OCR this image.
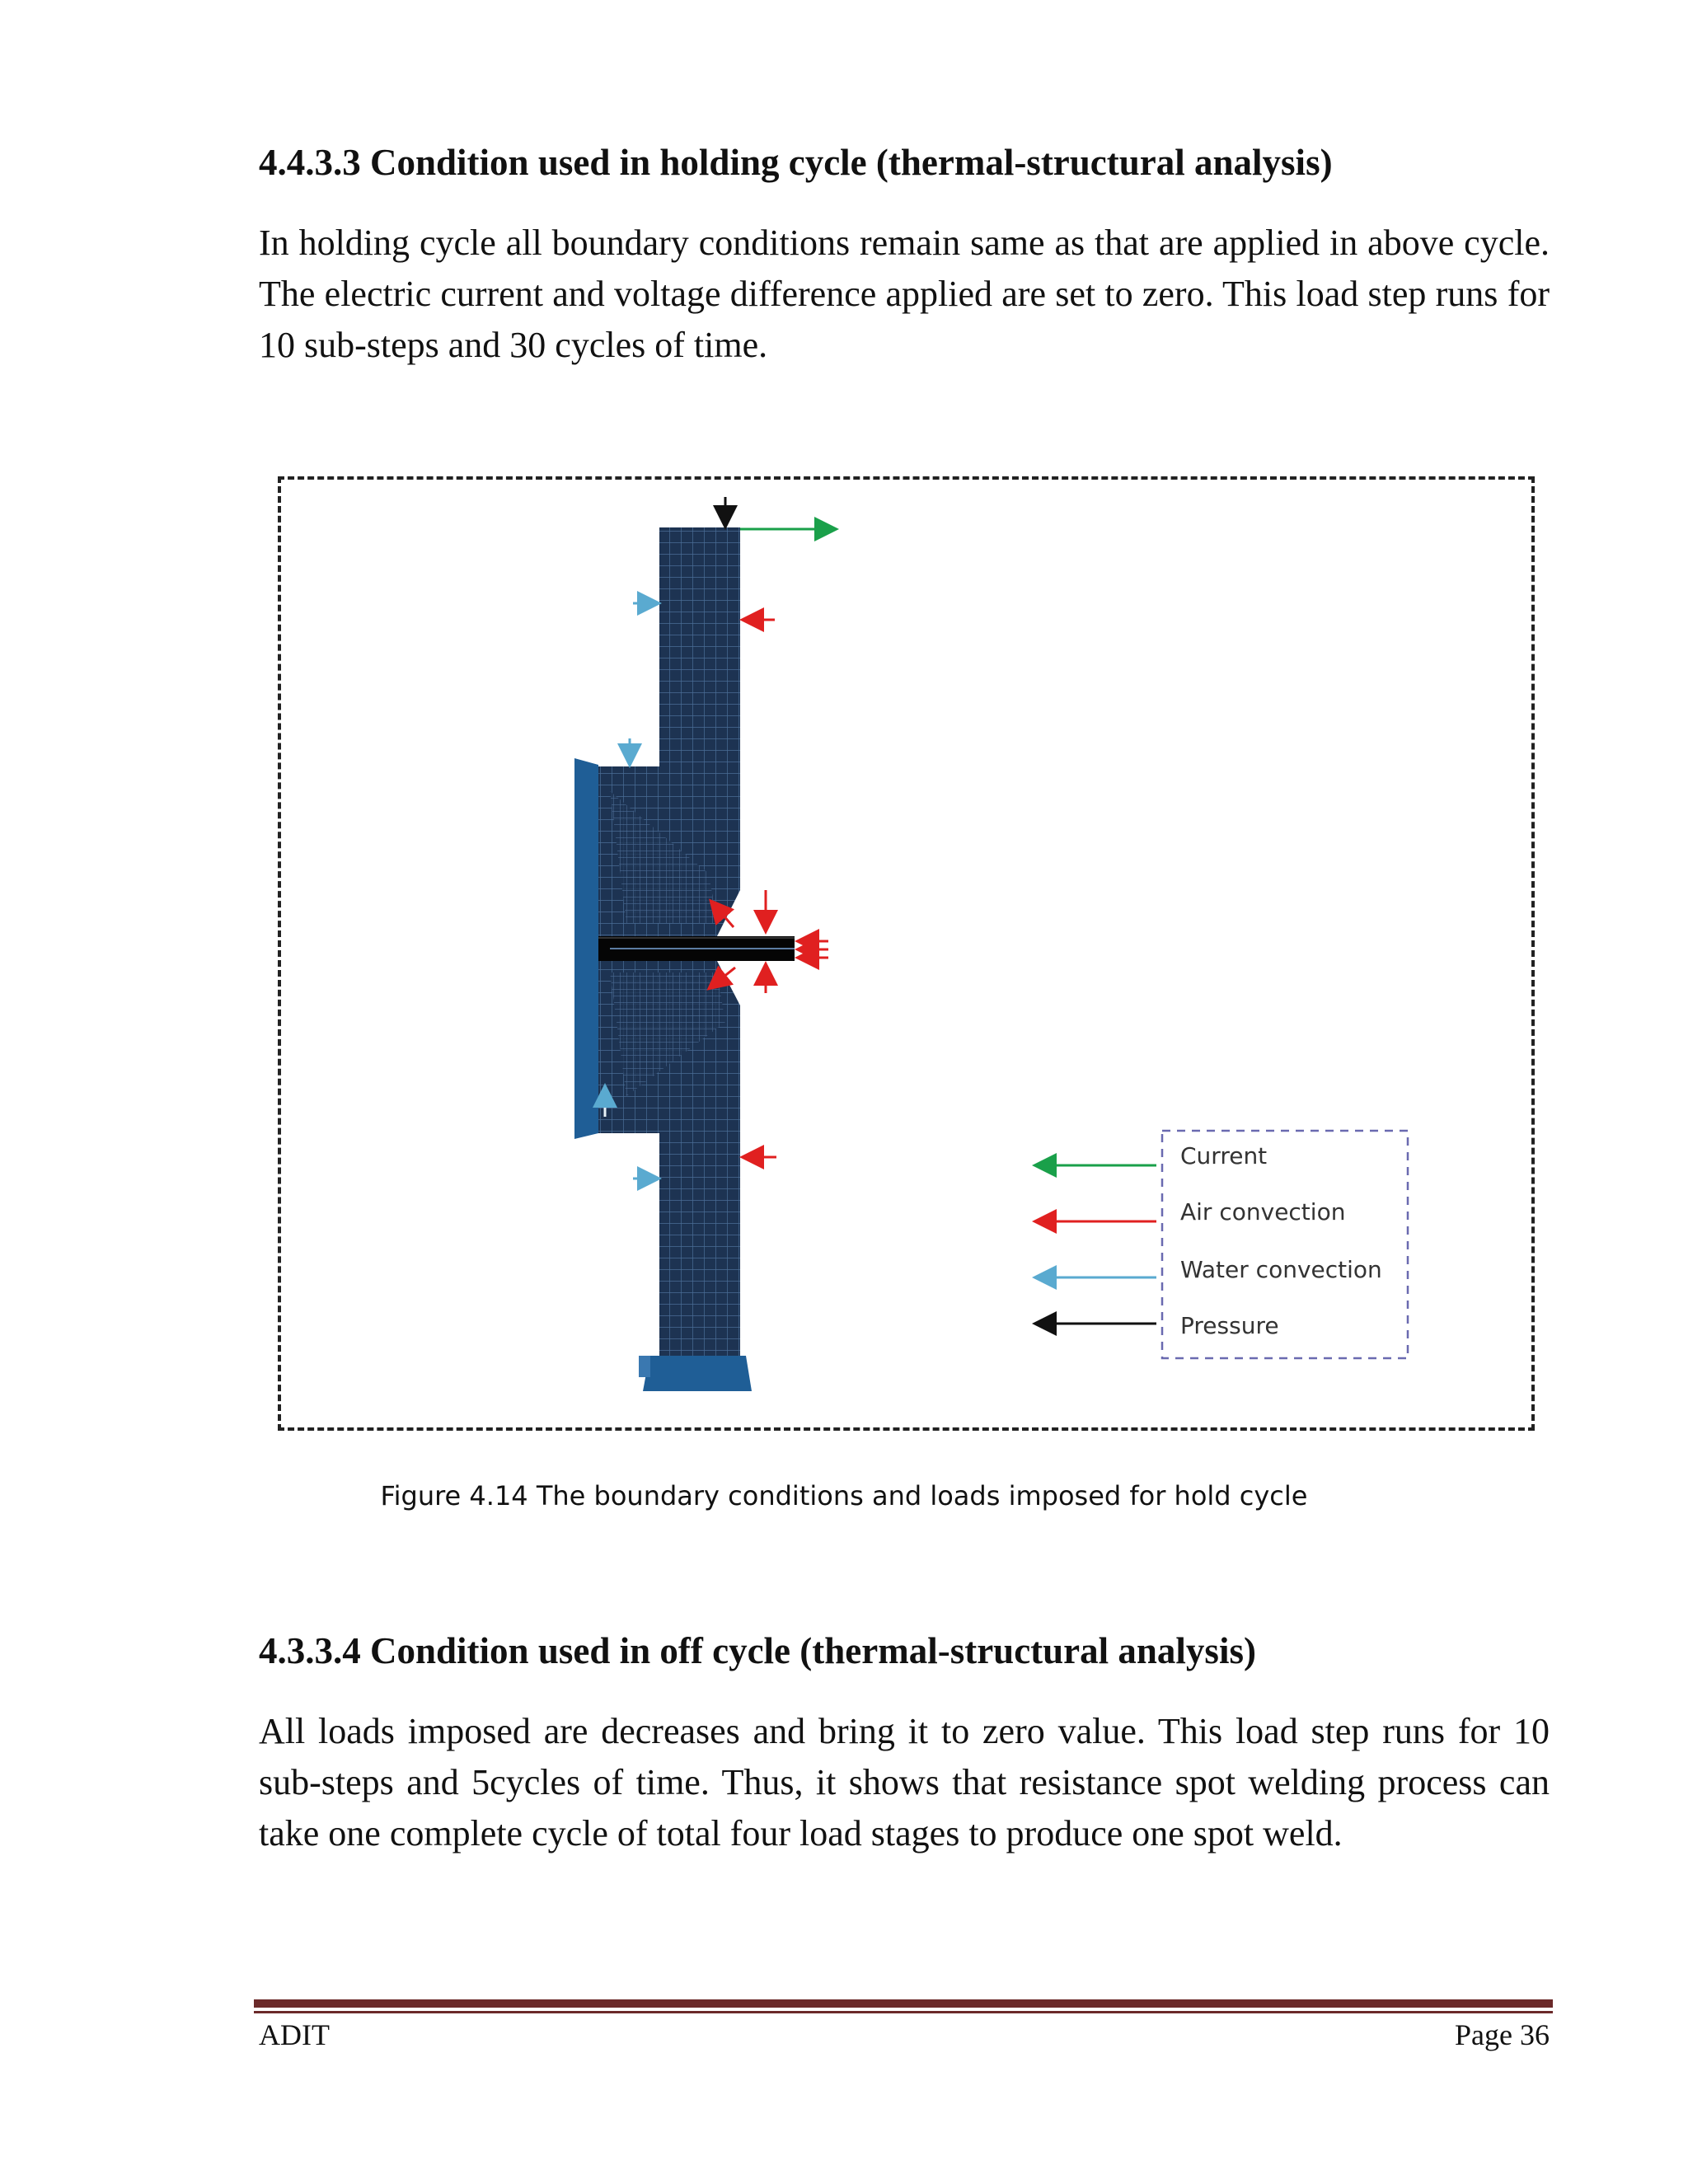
4.4.3.3 Condition used in holding cycle (thermal-structural analysis)

In holding cycle all boundary conditions remain same as that are applied in above cycle. The electric current and voltage difference applied are set to zero. This load step runs for 10 sub-steps and 30 cycles of time.

Current
Air convection
Water convection
Pressure
Figure 4.14 The boundary conditions and loads imposed for hold cycle
4.3.3.4 Condition used in off cycle (thermal-structural analysis)

All loads imposed are decreases and bring it to zero value. This load step runs for 10 sub-steps and 5cycles of time. Thus, it shows that resistance spot welding process can take one complete cycle of total four load stages to produce one spot weld.

ADIT	Page 36
